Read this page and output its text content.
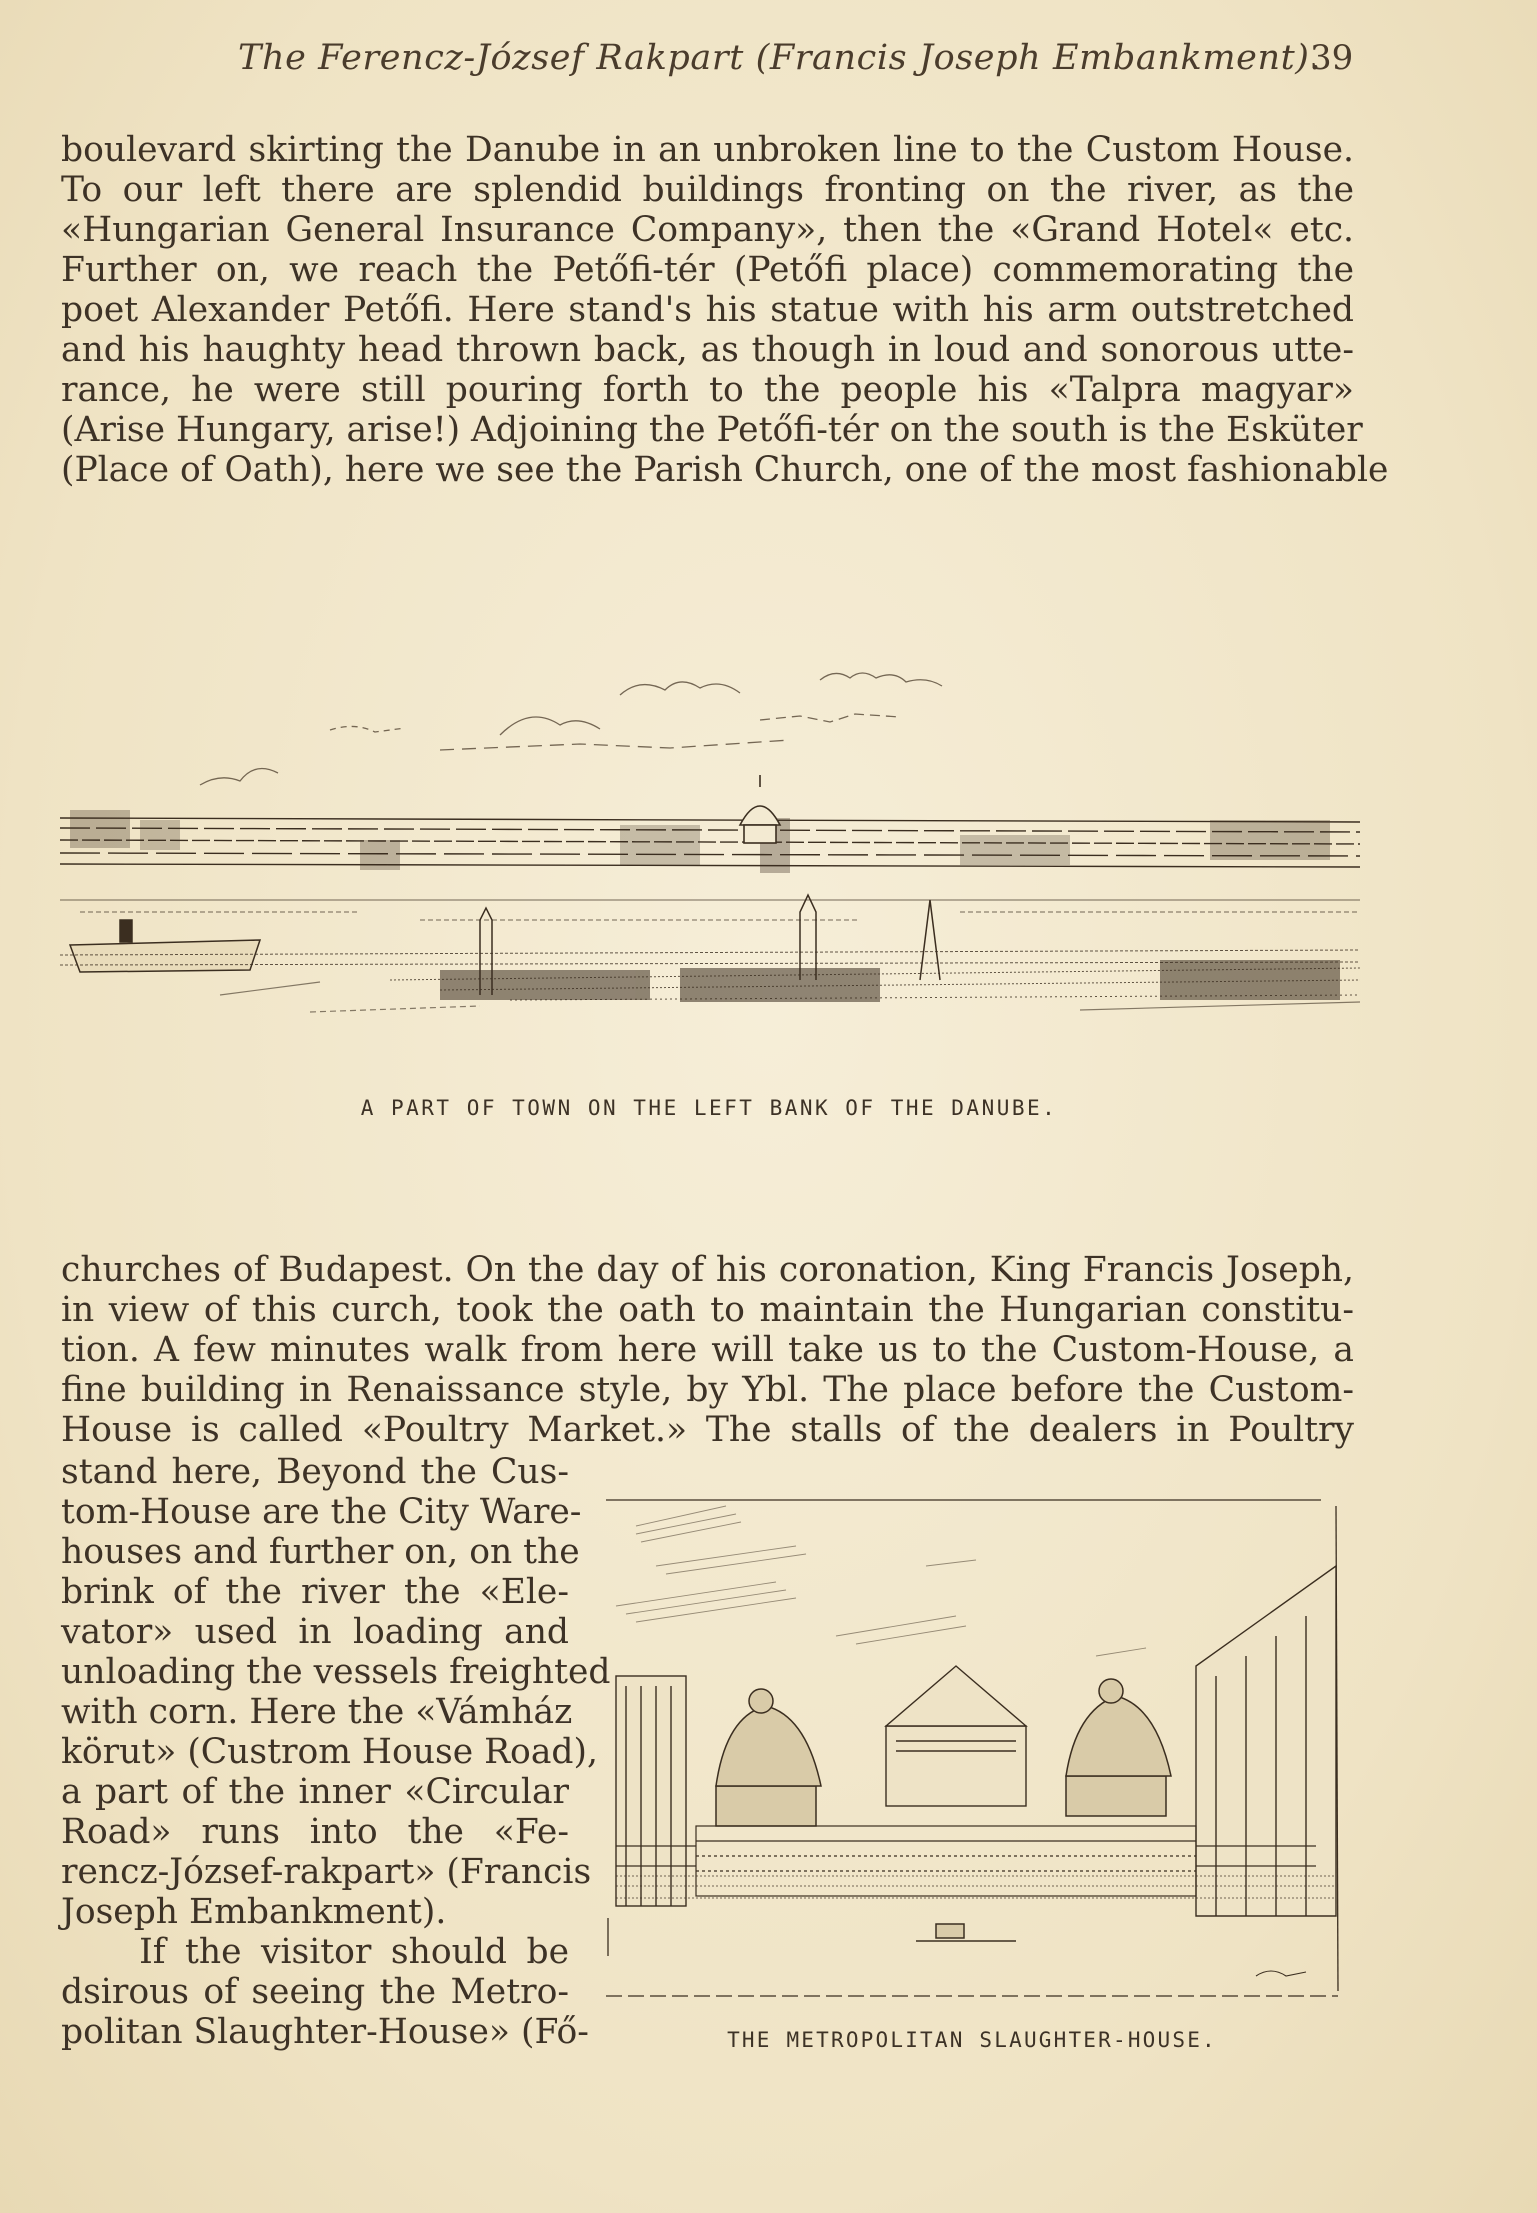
The Ferencz-József Rakpart (Francis Joseph Embankment).
39
boulevard skirting the Danube in an unbroken line to the Custom House.
To our left there are splendid buildings fronting on the river, as the
«Hungarian General Insurance Company», then the «Grand Hotel« etc.
Further on, we reach the Petőfi-tér (Petőfi place) commemorating the
poet Alexander Petőfi. Here stand's his statue with his arm outstretched
and his haughty head thrown back, as though in loud and sonorous utte-
rance, he were still pouring forth to the people his «Talpra magyar»
(Arise Hungary, arise!) Adjoining the Petőfi-tér on the south is the Esküter
(Place of Oath), here we see the Parish Church, one of the most fashionable
A PART OF TOWN ON THE LEFT BANK OF THE DANUBE.
churches of Budapest. On the day of his coronation, King Francis Joseph,
in view of this curch, took the oath to maintain the Hungarian constitu-
tion. A few minutes walk from here will take us to the Custom-House, a
fine building in Renaissance style, by Ybl. The place before the Custom-
House is called «Poultry Market.» The stalls of the dealers in Poultry
stand here, Beyond the Cus-
tom-House are the City Ware-
houses and further on, on the
brink of the river the «Ele-
vator» used in loading and
unloading the vessels freighted
with corn. Here the «Vámház
körut» (Custrom House Road),
a part of the inner «Circular
Road» runs into the «Fe-
rencz-József-rakpart» (Francis
Joseph Embankment).
If the visitor should be
dsirous of seeing the Metro-
politan Slaughter-House» (Fő-	THE METROPOLITAN SLAUGHTER-HOUSE.
